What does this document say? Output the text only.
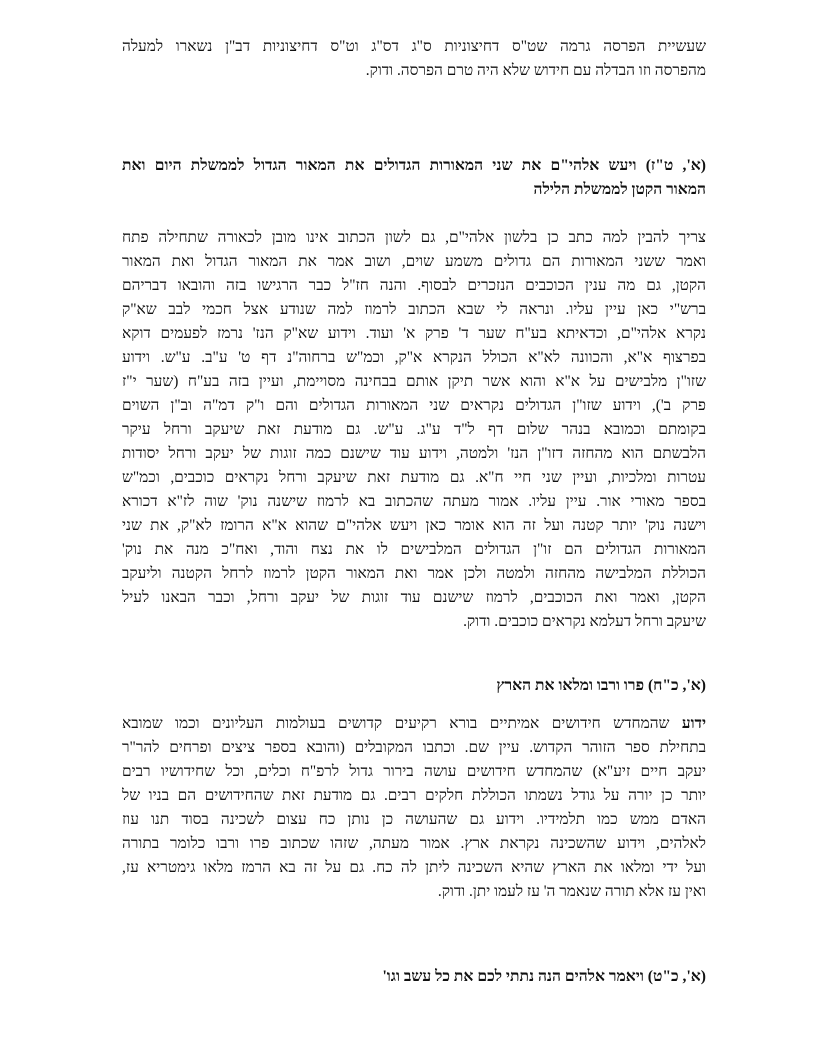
שעשיית הפרסה גרמה שט"ס דחיצוניות ס"ג דס"ג וט"ס דחיצוניות דב"ן נשארו למעלה
מהפרסה וזו הבדלה עם חידוש שלא היה טרם הפרסה. ודוק.
(א', ט"ז) ויעש אלהי"ם את שני המאורות הגדולים את המאור הגדול לממשלת היום ואת
המאור הקטן לממשלת הלילה
צריך להבין למה כתב כן בלשון אלהי"ם, גם לשון הכתוב אינו מובן לכאורה שתחילה פתח
ואמר ששני המאורות הם גדולים משמע שוים, ושוב אמר את המאור הגדול ואת המאור
הקטן, גם מה ענין הכוכבים הנזכרים לבסוף. והנה חז"ל כבר הרגישו בזה והובאו דבריהם
ברש"י כאן עיין עליו. ונראה לי שבא הכתוב לרמוז למה שנודע אצל חכמי לבב שא"ק
נקרא אלהי"ם, וכדאיתא בע"ח שער ד' פרק א' ועוד. וידוע שא"ק הנז' נרמז לפעמים דוקא
בפרצוף א"א, והכוונה לא"א הכולל הנקרא א"ק, וכמ"ש ברחוה"נ דף ט' ע"ב. ע"ש. וידוע
שזו"ן מלבישים על א"א והוא אשר תיקן אותם בבחינה מסויימת, ועיין בזה בע"ח (שער י"ז
פרק ב'), וידוע שזו"ן הגדולים נקראים שני המאורות הגדולים והם ו"ק דמ"ה וב"ן השוים
בקומתם וכמובא בנהר שלום דף ל"ד ע"ג. ע"ש. גם מודעת זאת שיעקב ורחל עיקר
הלבשתם הוא מהחזה דזו"ן הנז' ולמטה, וידוע עוד שישנם כמה זוגות של יעקב ורחל יסודות
עטרות ומלכיות, ועיין שני חיי ח"א. גם מודעת זאת שיעקב ורחל נקראים כוכבים, וכמ"ש
בספר מאורי אור. עיין עליו. אמור מעתה שהכתוב בא לרמוז שישנה נוק' שוה לז"א דכורא
וישנה נוק' יותר קטנה ועל זה הוא אומר כאן ויעש אלהי"ם שהוא א"א הרומז לא"ק, את שני
המאורות הגדולים הם זו"ן הגדולים המלבישים לו את נצח והוד, ואח"כ מנה את נוק'
הכוללת המלבישה מהחזה ולמטה ולכן אמר ואת המאור הקטן לרמוז לרחל הקטנה וליעקב
הקטן, ואמר ואת הכוכבים, לרמוז שישנם עוד זוגות של יעקב ורחל, וכבר הבאנו לעיל
שיעקב ורחל דעלמא נקראים כוכבים. ודוק.
(א', כ"ח) פרו ורבו ומלאו את הארץ
ידוע שהמחדש חידושים אמיתיים בורא רקיעים קדושים בעולמות העליונים וכמו שמובא
בתחילת ספר הזוהר הקדוש. עיין שם. וכתבו המקובלים (והובא בספר ציצים ופרחים להר"ר
יעקב חיים זיע"א) שהמחדש חידושים עושה בירור גדול לרפ"ח וכלים, וכל שחידושיו רבים
יותר כן יורה על גודל נשמתו הכוללת חלקים רבים. גם מודעת זאת שהחידושים הם בניו של
האדם ממש כמו תלמידיו. וידוע גם שהעושה כן נותן כח עצום לשכינה בסוד תנו עוז
לאלהים, וידוע שהשכינה נקראת ארץ. אמור מעתה, שזהו שכתוב פרו ורבו כלומר בתורה
ועל ידי ומלאו את הארץ שהיא השכינה ליתן לה כח. גם על זה בא הרמז מלאו גימטריא עז,
ואין עז אלא תורה שנאמר ה' עז לעמו יתן. ודוק.
(א', כ"ט) ויאמר אלהים הנה נתתי לכם את כל עשב וגו'
